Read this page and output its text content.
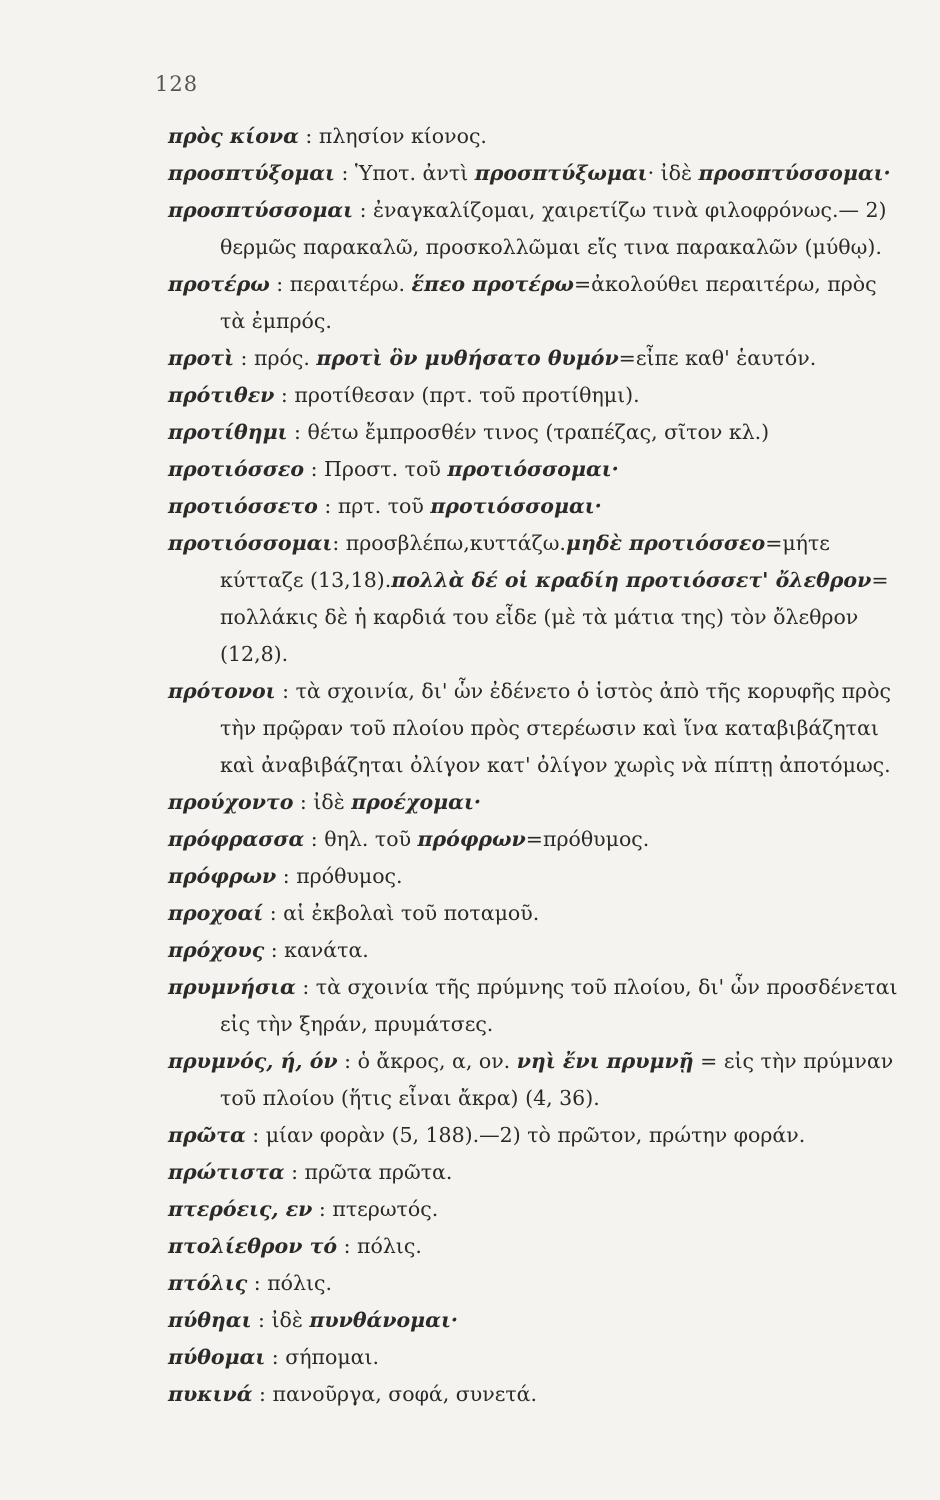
128

πρὸς κίονα : πλησίον κίονος.

προσπτύξομαι : Ὑποτ. ἀντὶ προσπτύξωμαι· ἰδὲ προσπτύσσομαι·

προσπτύσσομαι : ἐναγκαλίζομαι, χαιρετίζω τινὰ φιλοφρόνως.— 2) θερμῶς παρακαλῶ, προσκολλῶμαι εἴς τινα παρακαλῶν (μύθῳ).

προτέρω : περαιτέρω. ἕπεο προτέρω=ἀκολούθει περαιτέρω, πρὸς τὰ ἐμπρός.

προτὶ : πρός. προτὶ ὃν μυθήσατο θυμόν=εἶπε καθ' ἑαυτόν.

πρότιθεν : προτίθεσαν (πρτ. τοῦ προτίθημι).

προτίθημι : θέτω ἔμπροσθέν τινος (τραπέζας, σῖτον κλ.)

προτιόσσεο : Προστ. τοῦ προτιόσσομαι·

προτιόσσετο : πρτ. τοῦ προτιόσσομαι·

προτιόσσομαι: προσβλέπω,κυττάζω.μηδὲ προτιόσσεο=μήτε κύτταζε (13,18).πολλὰ δέ οἱ κραδίη προτιόσσετ' ὄλεθρον= πολλάκις δὲ ἡ καρδιά του εἶδε (μὲ τὰ μάτια της) τὸν ὄλεθρον (12,8).

πρότονοι : τὰ σχοινία, δι' ὧν ἐδένετο ὁ ἱστὸς ἀπὸ τῆς κορυφῆς πρὸς τὴν πρῷραν τοῦ πλοίου πρὸς στερέωσιν καὶ ἵνα καταβιβάζηται καὶ ἀναβιβάζηται ὀλίγον κατ' ὀλίγον χωρὶς νὰ πίπτῃ ἀποτόμως.

προύχοντο : ἰδὲ προέχομαι·

πρόφρασσα : θηλ. τοῦ πρόφρων=πρόθυμος.

πρόφρων : πρόθυμος.

προχοαί : αἱ ἐκβολαὶ τοῦ ποταμοῦ.

πρόχους : κανάτα.

πρυμνήσια : τὰ σχοινία τῆς πρύμνης τοῦ πλοίου, δι' ὧν προσδένεται εἰς τὴν ξηράν, πρυμάτσες.

πρυμνός, ή, όν : ὁ ἄκρος, α, ον. νηὶ ἔνι πρυμνῇ = εἰς τὴν πρύμναν τοῦ πλοίου (ἥτις εἶναι ἄκρα) (4, 36).

πρῶτα : μίαν φορὰν (5, 188).—2) τὸ πρῶτον, πρώτην φοράν.

πρώτιστα : πρῶτα πρῶτα.

πτερόεις, εν : πτερωτός.

πτολίεθρον τό : πόλις.

πτόλις : πόλις.

πύθηαι : ἰδὲ πυνθάνομαι·

πύθομαι : σήπομαι.

πυκινά : πανοῦργα, σοφά, συνετά.
